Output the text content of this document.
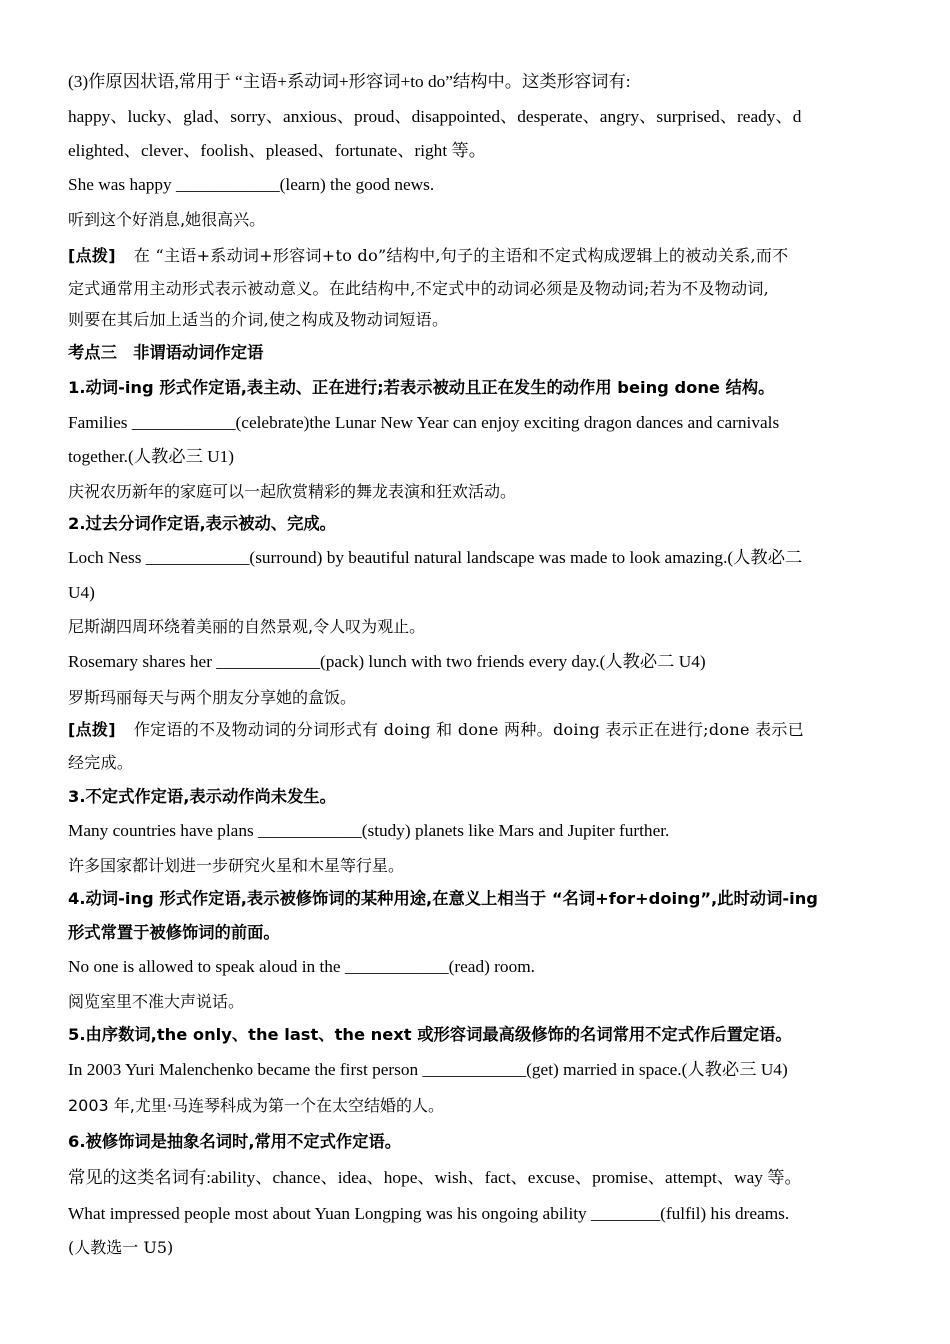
(3)作原因状语,常用于 “主语+系动词+形容词+to do”结构中。这类形容词有:
happy、lucky、glad、sorry、anxious、proud、disappointed、desperate、angry、surprised、ready、d
elighted、clever、foolish、pleased、fortunate、right 等。
She was happy ____________(learn) the good news.
听到这个好消息,她很高兴。
[点拨] 在 “主语+系动词+形容词+to do”结构中,句子的主语和不定式构成逻辑上的被动关系,而不
定式通常用主动形式表示被动意义。在此结构中,不定式中的动词必须是及物动词;若为不及物动词,
则要在其后加上适当的介词,使之构成及物动词短语。
考点三　非谓语动词作定语
1.动词-ing 形式作定语,表主动、正在进行;若表示被动且正在发生的动作用 being done 结构。
Families ____________(celebrate)the Lunar New Year can enjoy exciting dragon dances and carnivals
together.(人教必三 U1)
庆祝农历新年的家庭可以一起欣赏精彩的舞龙表演和狂欢活动。
2.过去分词作定语,表示被动、完成。
Loch Ness ____________(surround) by beautiful natural landscape was made to look amazing.(人教必二
U4)
尼斯湖四周环绕着美丽的自然景观,令人叹为观止。
Rosemary shares her ____________(pack) lunch with two friends every day.(人教必二 U4)
罗斯玛丽每天与两个朋友分享她的盒饭。
[点拨] 作定语的不及物动词的分词形式有 doing 和 done 两种。doing 表示正在进行;done 表示已
经完成。
3.不定式作定语,表示动作尚未发生。
Many countries have plans ____________(study) planets like Mars and Jupiter further.
许多国家都计划进一步研究火星和木星等行星。
4.动词-ing 形式作定语,表示被修饰词的某种用途,在意义上相当于 “名词+for+doing”,此时动词-ing
形式常置于被修饰词的前面。
No one is allowed to speak aloud in the ____________(read) room.
阅览室里不准大声说话。
5.由序数词,the only、the last、the next 或形容词最高级修饰的名词常用不定式作后置定语。
In 2003 Yuri Malenchenko became the first person ____________(get) married in space.(人教必三 U4)
2003 年,尤里·马连琴科成为第一个在太空结婚的人。
6.被修饰词是抽象名词时,常用不定式作定语。
常见的这类名词有:ability、chance、idea、hope、wish、fact、excuse、promise、attempt、way 等。
What impressed people most about Yuan Longping was his ongoing ability ________(fulfil) his dreams.
(人教选一 U5)
